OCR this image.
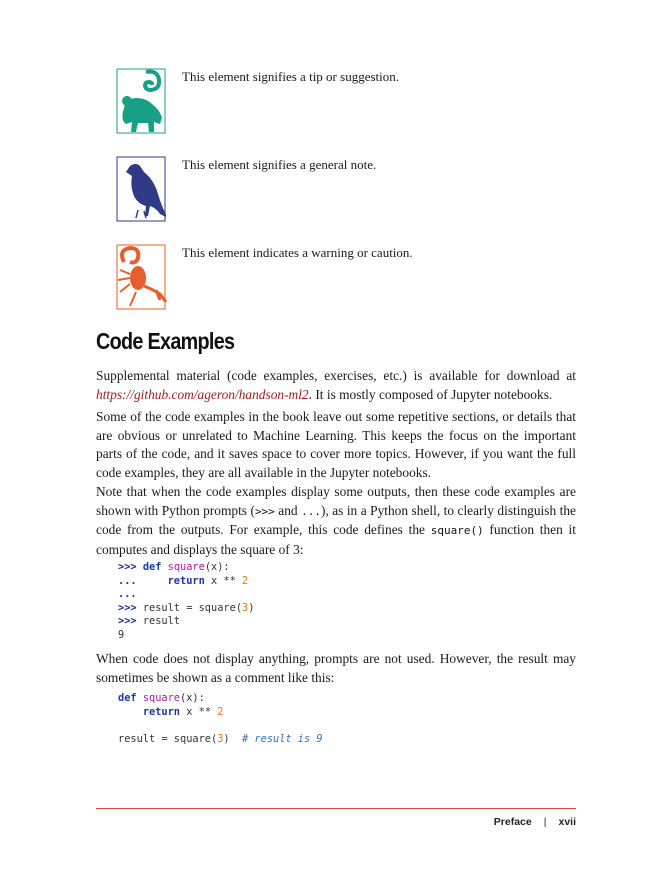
This element signifies a tip or suggestion.
This element signifies a general note.
This element indicates a warning or caution.
Code Examples

Supplemental material (code examples, exercises, etc.) is available for download at https://github.com/ageron/handson-ml2. It is mostly composed of Jupyter notebooks.

Some of the code examples in the book leave out some repetitive sections, or details that are obvious or unrelated to Machine Learning. This keeps the focus on the important parts of the code, and it saves space to cover more topics. However, if you want the full code examples, they are all available in the Jupyter notebooks.

Note that when the code examples display some outputs, then these code examples are shown with Python prompts (>>> and ...), as in a Python shell, to clearly distinguish the code from the outputs. For example, this code defines the square() function then it computes and displays the square of 3:

>>> def square(x):
...	return x ** 2
...
>>> result = square(3)
>>> result
9

When code does not display anything, prompts are not used. However, the result may sometimes be shown as a comment like this:

def square(x):
return x ** 2

result = square(3) # result is 9
Preface | xvii
